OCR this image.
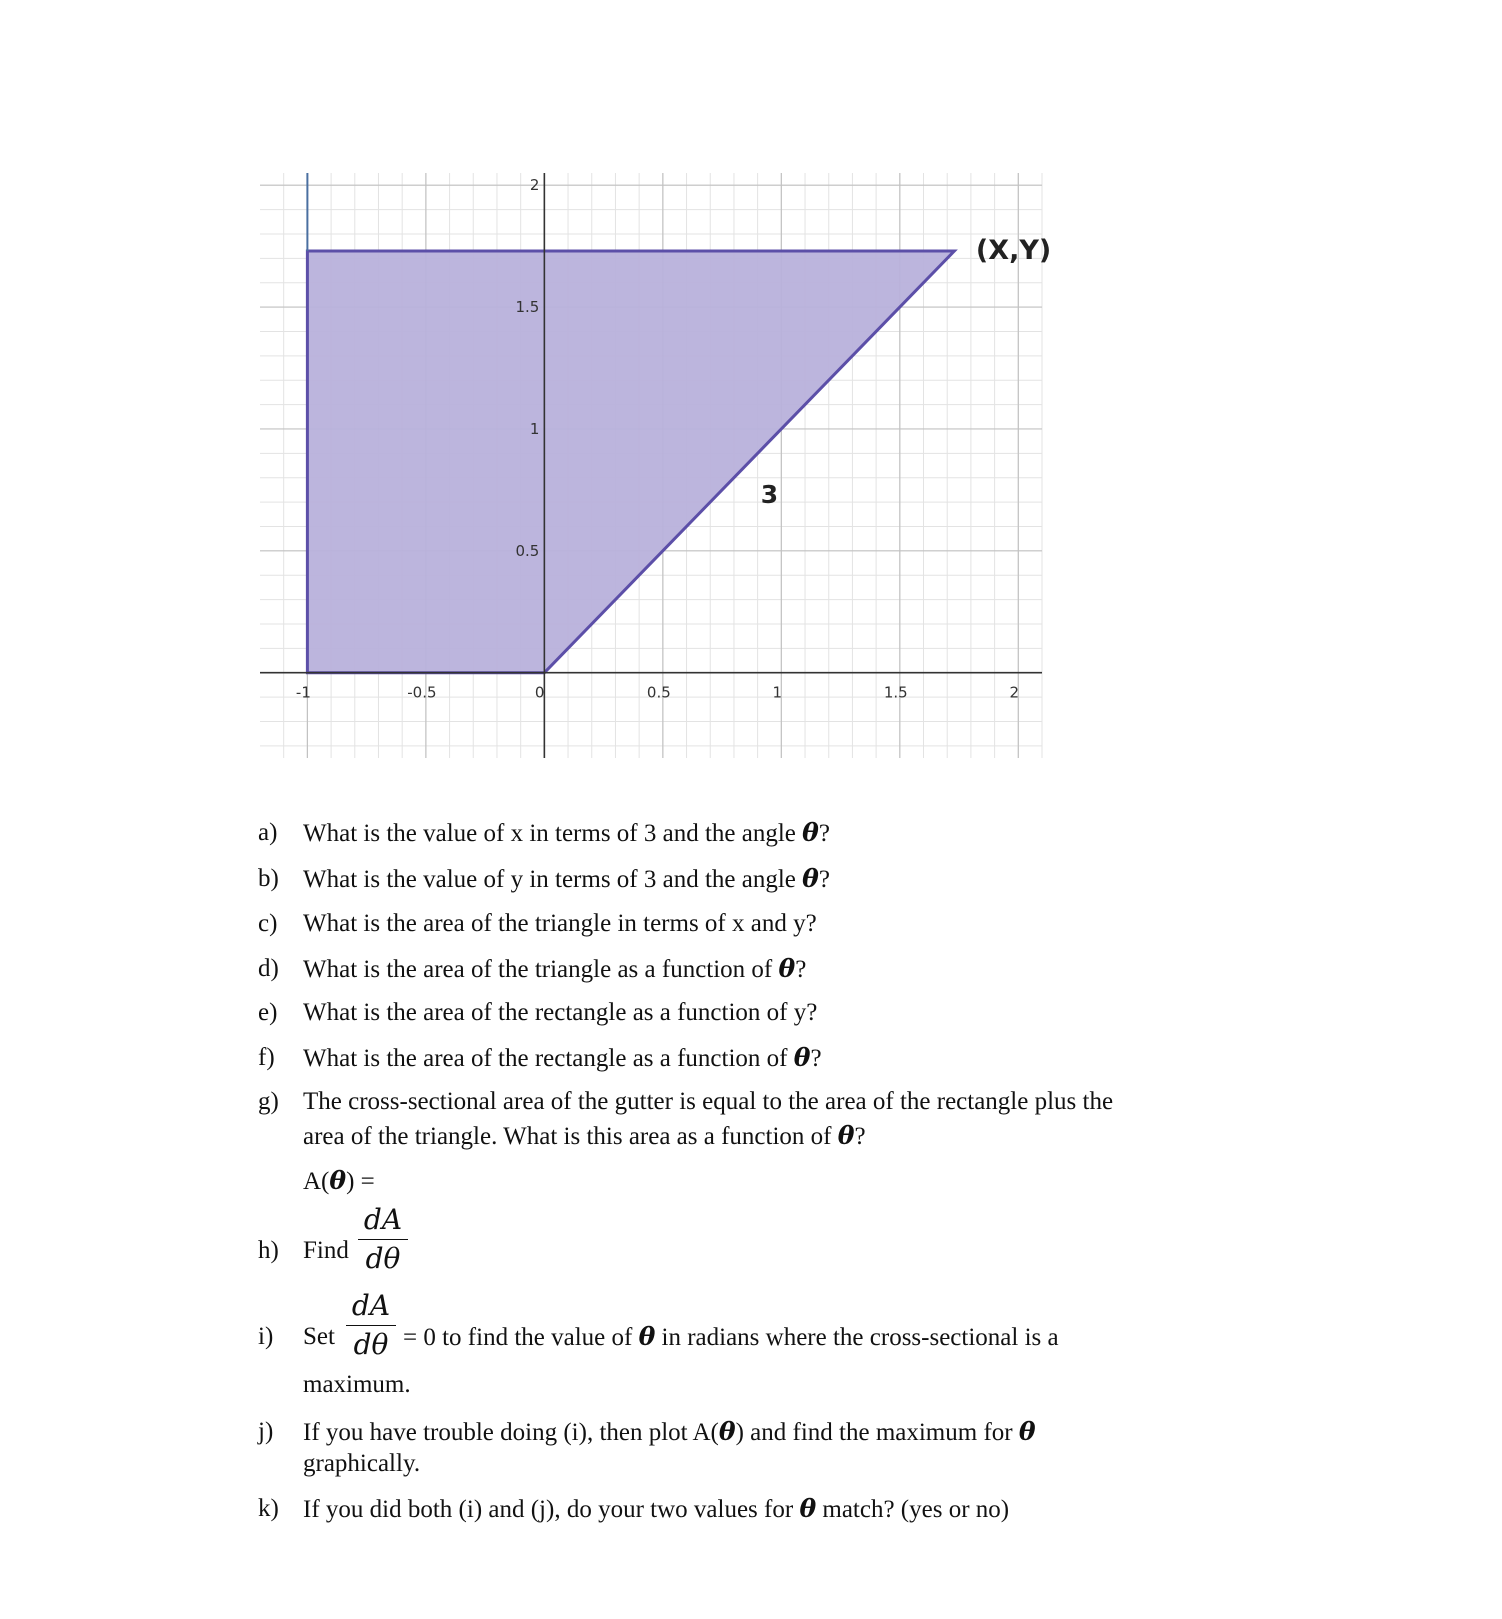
-1	-0.5	0	0.5	1	1.5	2
0.5
1
1.5
2
(X,Y)
3
a)	What is the value of x in terms of 3 and the angle θ?
b) What is the value of y in terms of 3 and the angle θ?
c)	What is the area of the triangle in terms of x and y?
d) What is the area of the triangle as a function of θ?
e)	What is the area of the rectangle as a function of y?
f)	What is the area of the rectangle as a function of θ?
g) The cross-sectional area of the gutter is equal to the area of the rectangle plus the
area of the triangle. What is this area as a function of θ?
A(θ) =
h) Find
dA
dθ
i)	Set	= 0 to find the value of θ in radians where the cross-sectional is a
dA
dθ
maximum.
j)	If you have trouble doing (i), then plot A(θ) and find the maximum for θ
graphically.
k) If you did both (i) and (j), do your two values for θ match? (yes or no)
